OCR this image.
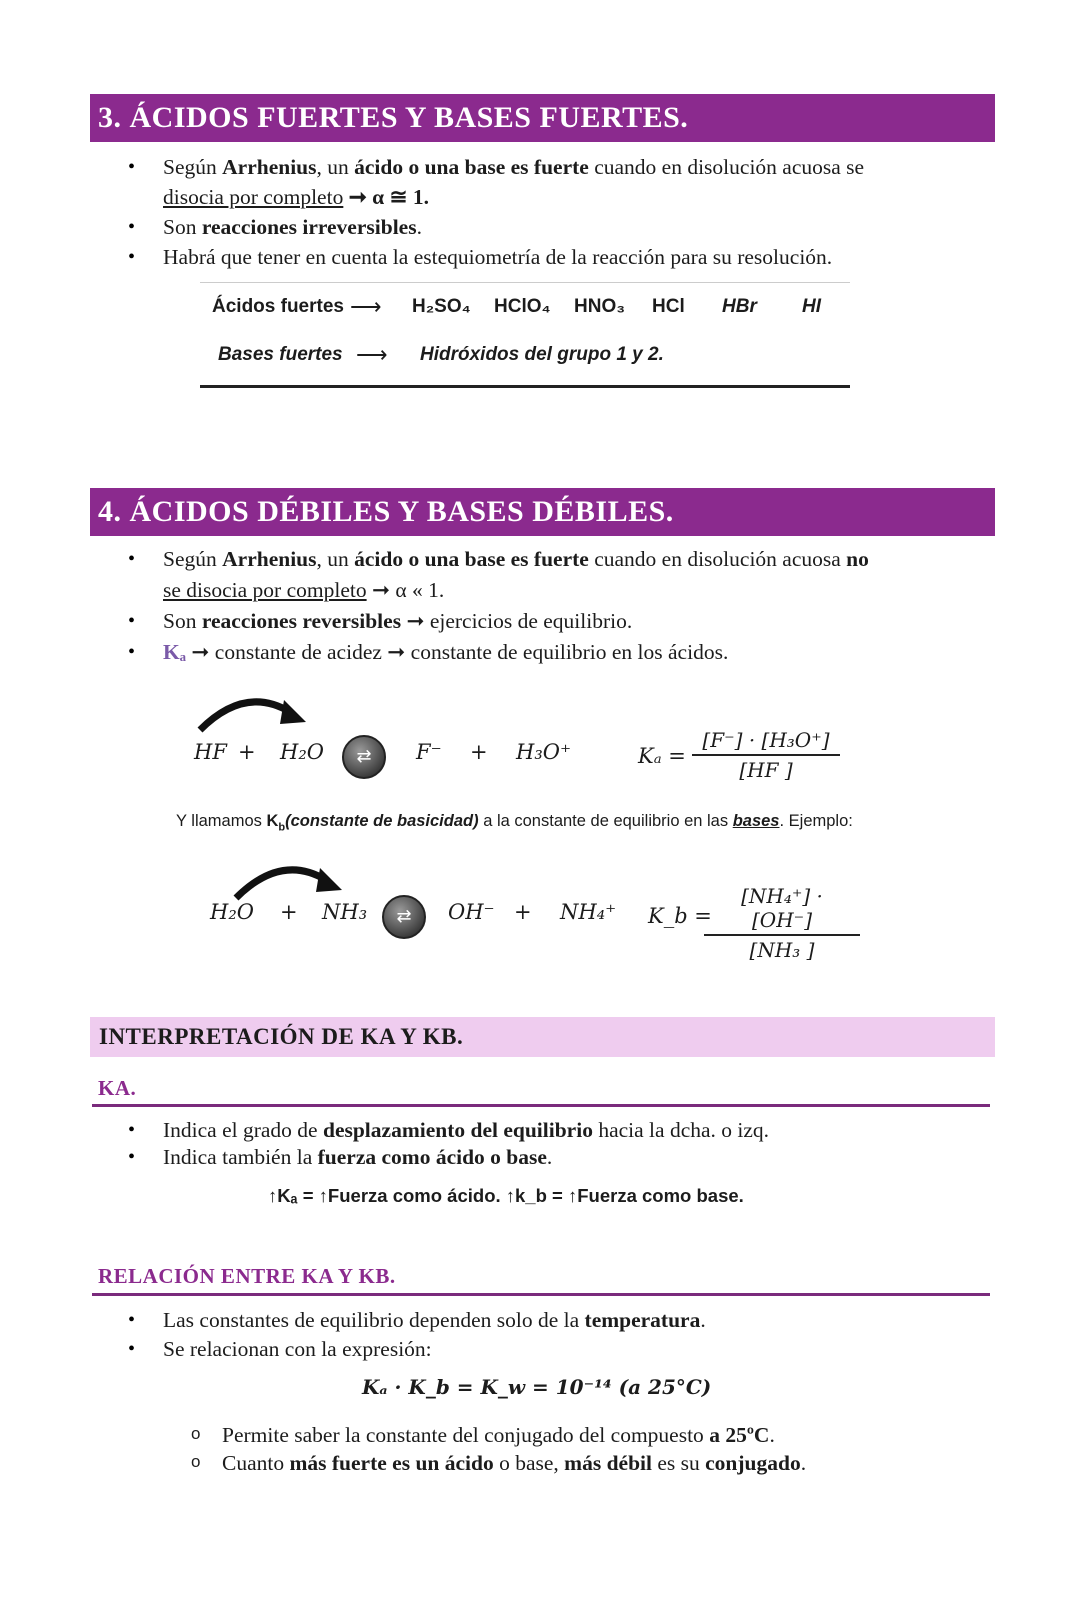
3. ÁCIDOS FUERTES Y BASES FUERTES.
• Según Arrhenius, un ácido o una base es fuerte cuando en disolución acuosa se
disocia por completo ➞ α ≅ 1.
• Son reacciones irreversibles.
• Habrá que tener en cuenta la estequiometría de la reacción para su resolución.
Ácidos fuertes ⟶ H₂SO₄ HClO₄ HNO₃ HCl HBr HI
Bases fuertes ⟶ Hidróxidos del grupo 1 y 2.
4. ÁCIDOS DÉBILES Y BASES DÉBILES.
• Según Arrhenius, un ácido o una base es fuerte cuando en disolución acuosa no
se disocia por completo ➞ α « 1.
• Son reacciones reversibles ➞ ejercicios de equilibrio.
• Kₐ ➞ constante de acidez ➞ constante de equilibrio en los ácidos.
HF + H₂O	F⁻ + H₃O⁺	Kₐ =
⇄	$\frac{\text{[F⁻] · [H₃O⁺]}}{[HF ]}$
Y llamamos $K_b(constante$ de basicidad) a la constante de equilibrio en las bases. Ejemplo:
H₂O + NH₃	OH⁻ + NH₄⁺ K_b =
⇄	$\frac{\text{[NH₄⁺] · [OH⁻]}}{\text{[NH₃ ]}}$
INTERPRETACIÓN DE KA Y KB.
KA.
• Indica el grado de desplazamiento del equilibrio hacia la dcha. o izq.
• Indica también la fuerza como ácido o base.
↑Kₐ = ↑Fuerza como ácido. ↑k_b = ↑Fuerza como base.
RELACIÓN ENTRE KA Y KB.
• Las constantes de equilibrio dependen solo de la temperatura.
• Se relacionan con la expresión:
Kₐ · K_b = K_w = 10⁻¹⁴ (a 25°C)
o Permite saber la constante del conjugado del compuesto a 25ºC.
o Cuanto más fuerte es un ácido o base, más débil es su conjugado.
